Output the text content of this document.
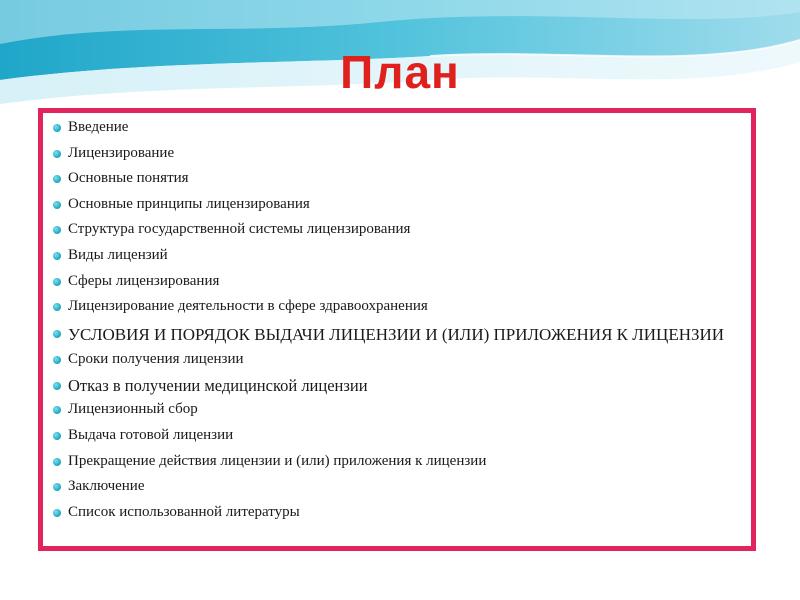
План
Введение
Лицензирование
Основные понятия
Основные принципы лицензирования
Структура государственной системы лицензирования
Виды лицензий
Сферы лицензирования
Лицензирование деятельности в сфере здравоохранения
УСЛОВИЯ И ПОРЯДОК ВЫДАЧИ ЛИЦЕНЗИИ И (ИЛИ) ПРИЛОЖЕНИЯ К ЛИЦЕНЗИИ
Сроки получения лицензии
Отказ в получении медицинской лицензии
Лицензионный сбор
Выдача готовой лицензии
Прекращение действия лицензии и (или) приложения к лицензии
Заключение
Список использованной литературы
